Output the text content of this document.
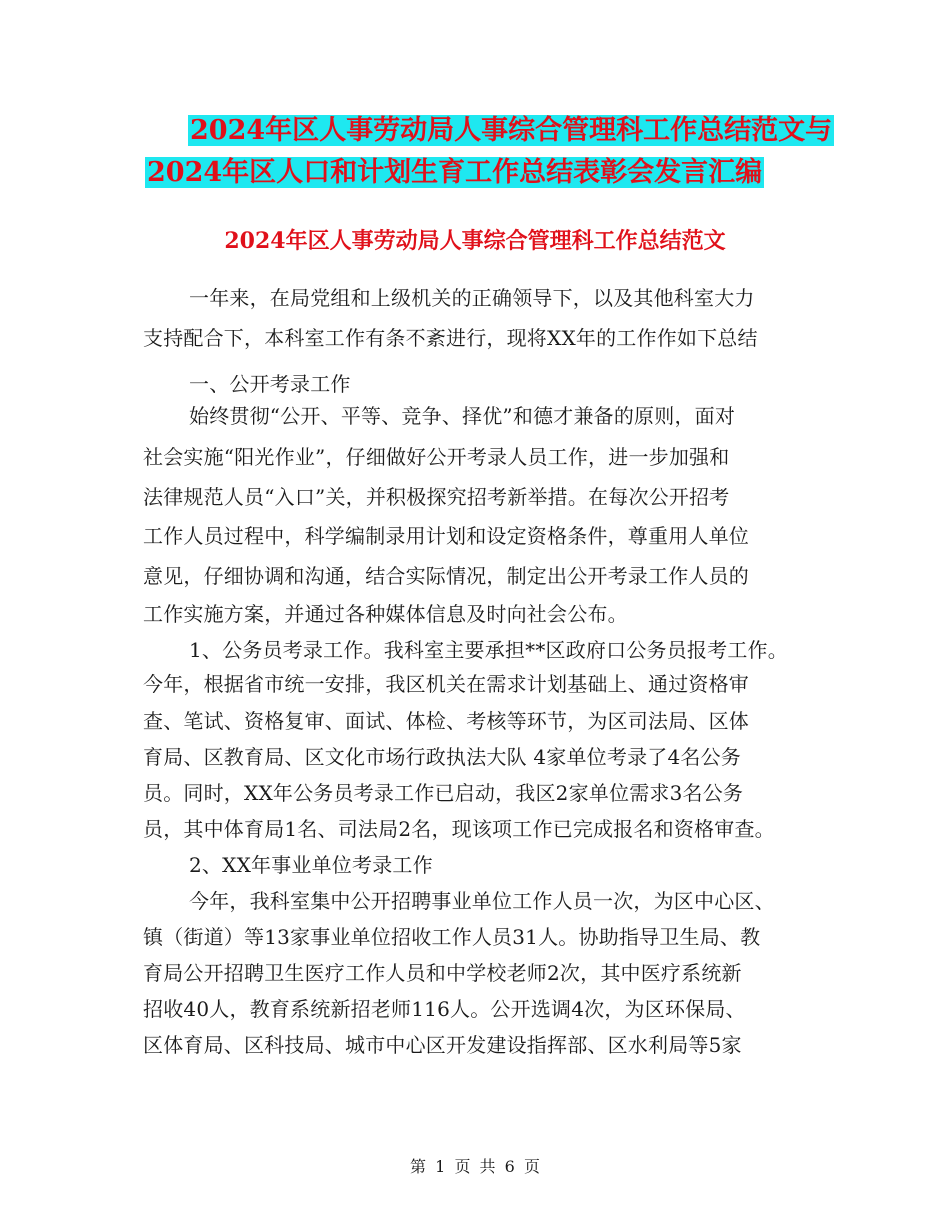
2024年区人事劳动局人事综合管理科工作总结范文与
2024年区人口和计划生育工作总结表彰会发言汇编
2024年区人事劳动局人事综合管理科工作总结范文
一年来，在局党组和上级机关的正确领导下，以及其他科室大力
支持配合下，本科室工作有条不紊进行，现将XX年的工作作如下总结
一、公开考录工作
始终贯彻“公开、平等、竞争、择优”和德才兼备的原则，面对
社会实施“阳光作业”，仔细做好公开考录人员工作，进一步加强和
法律规范人员“入口”关，并积极探究招考新举措。在每次公开招考
工作人员过程中，科学编制录用计划和设定资格条件，尊重用人单位
意见，仔细协调和沟通，结合实际情况，制定出公开考录工作人员的
工作实施方案，并通过各种媒体信息及时向社会公布。
1、公务员考录工作。我科室主要承担**区政府口公务员报考工作。
今年，根据省市统一安排，我区机关在需求计划基础上、通过资格审
查、笔试、资格复审、面试、体检、考核等环节，为区司法局、区体
育局、区教育局、区文化市场行政执法大队 4家单位考录了4名公务
员。同时，XX年公务员考录工作已启动，我区2家单位需求3名公务
员，其中体育局1名、司法局2名，现该项工作已完成报名和资格审查。
2、XX年事业单位考录工作
今年，我科室集中公开招聘事业单位工作人员一次，为区中心区、
镇（街道）等13家事业单位招收工作人员31人。协助指导卫生局、教
育局公开招聘卫生医疗工作人员和中学校老师2次，其中医疗系统新
招收40人，教育系统新招老师116人。公开选调4次，为区环保局、
区体育局、区科技局、城市中心区开发建设指挥部、区水利局等5家
第 1 页 共 6 页
